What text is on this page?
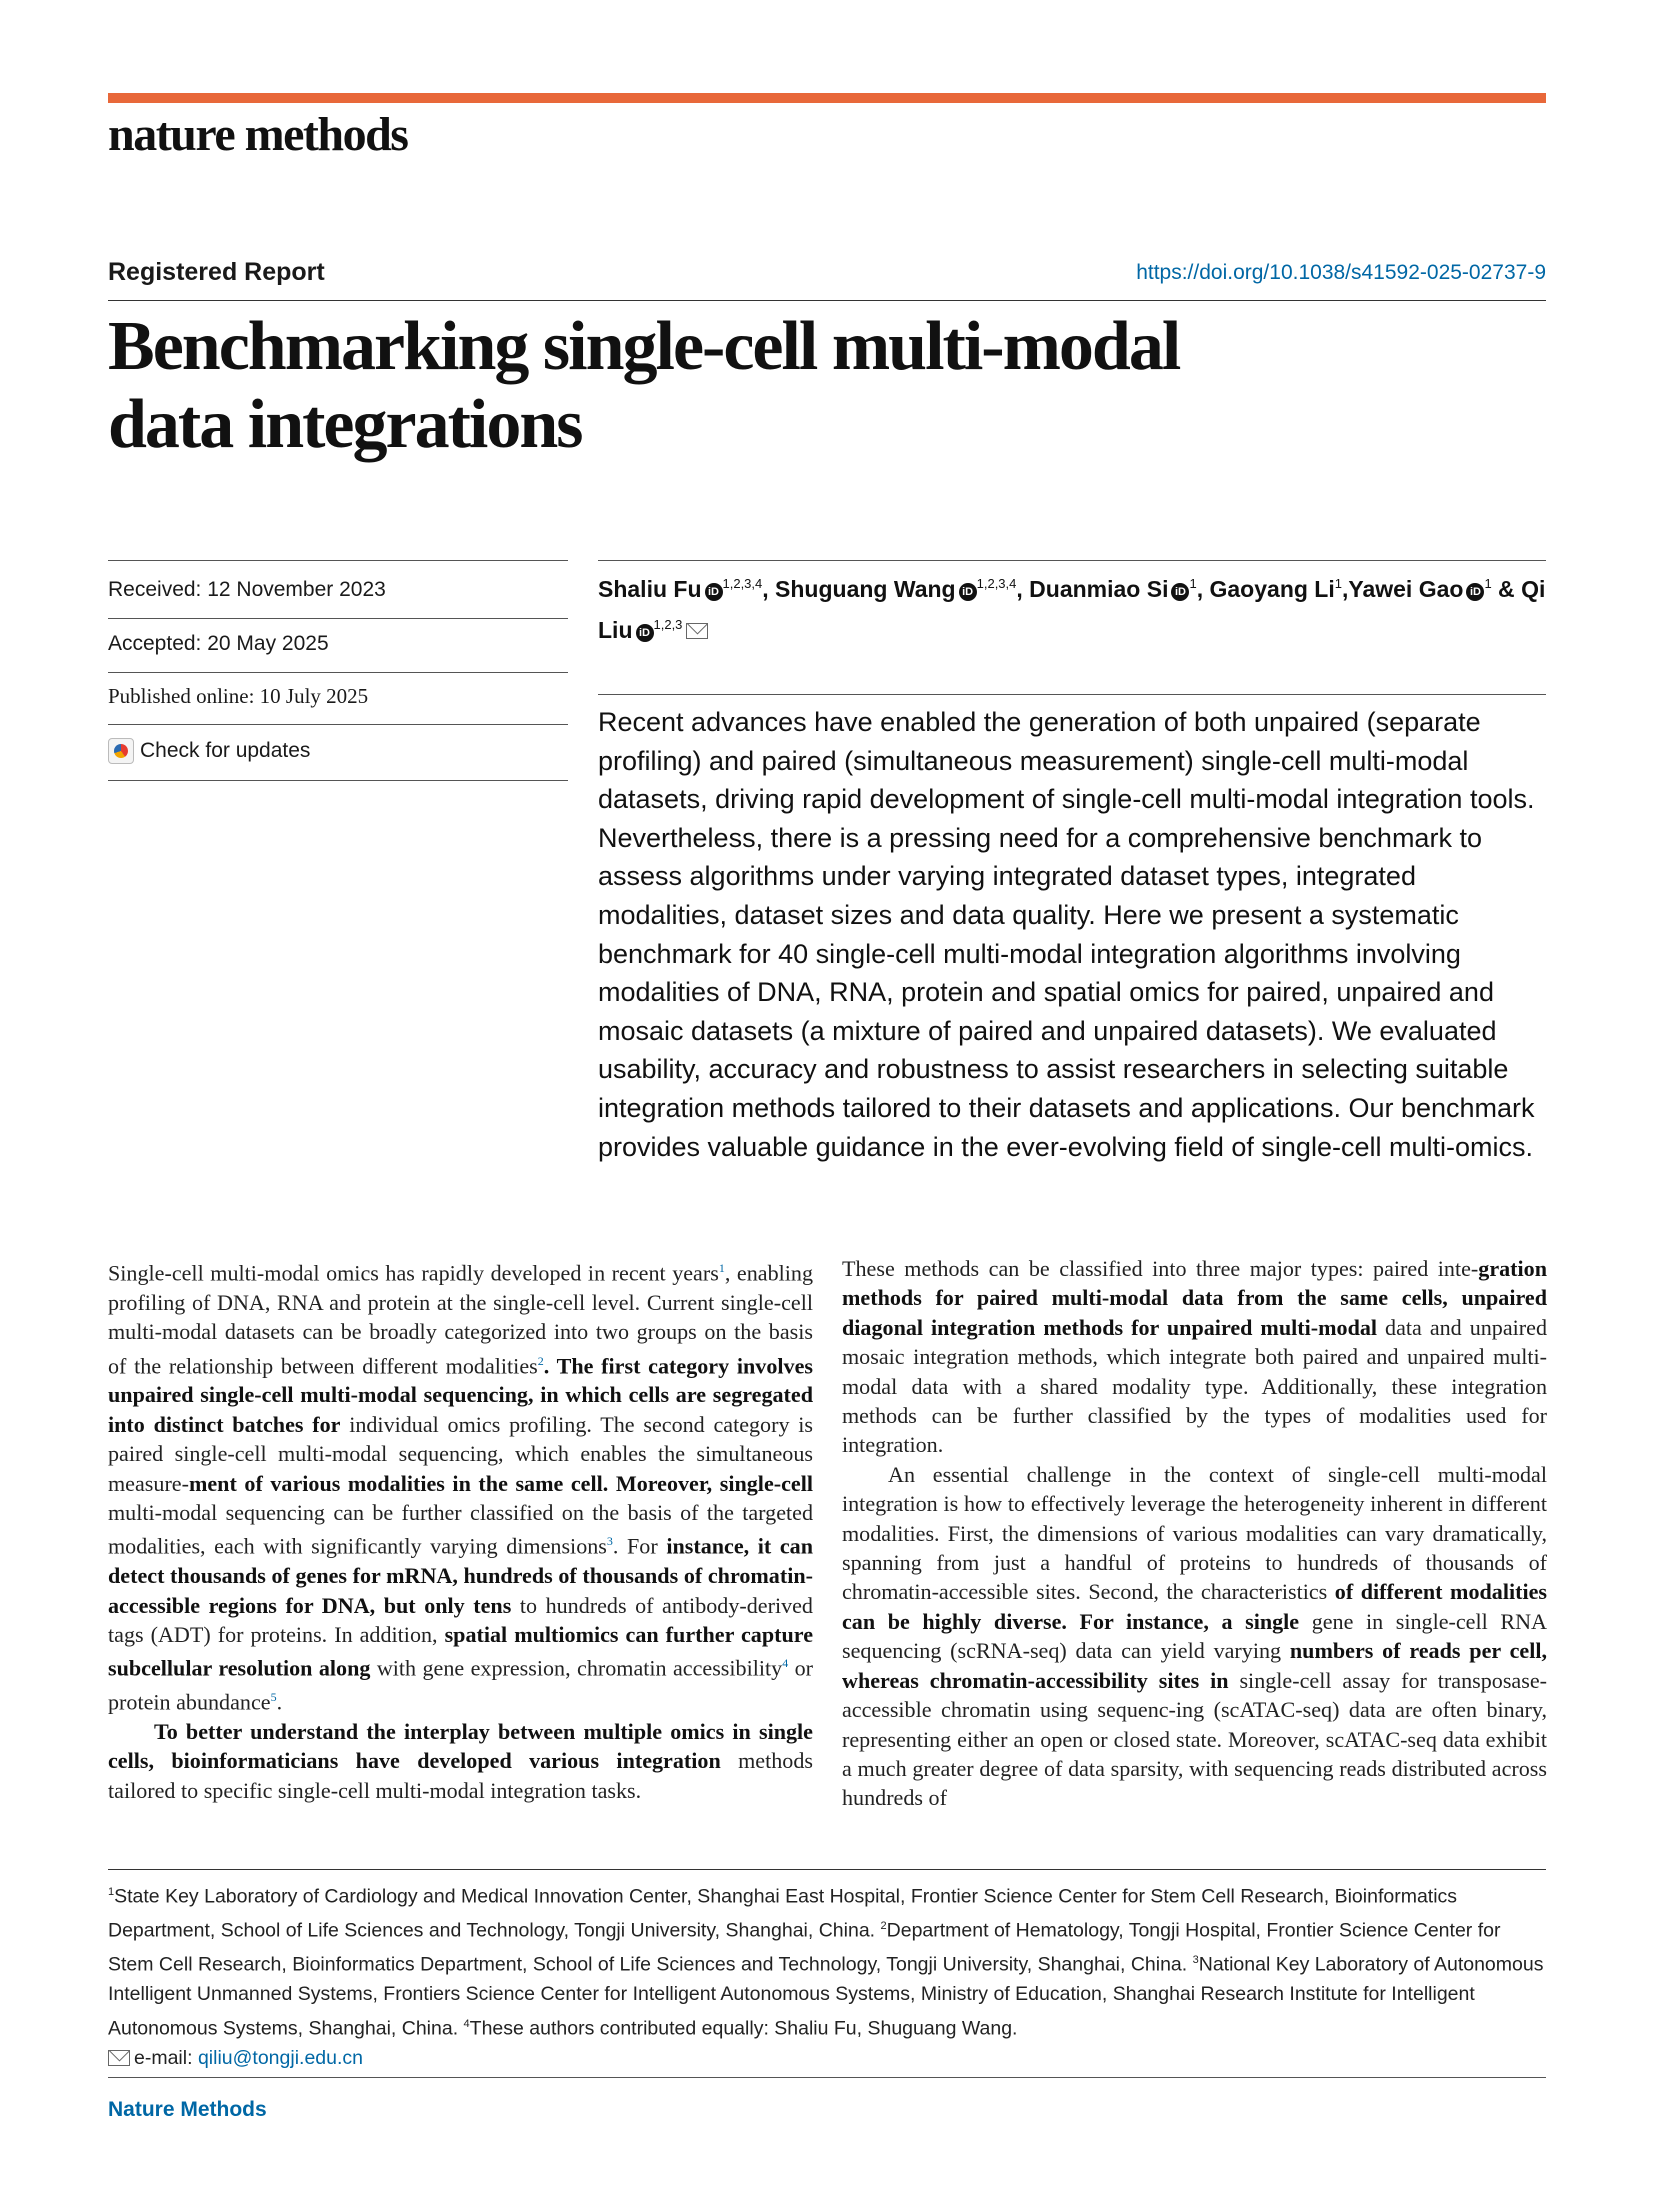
nature methods
Registered Report	https://doi.org/10.1038/s41592-025-02737-9
Benchmarking single-cell multi-modal
data integrations
Received: 12 November 2023
Accepted: 20 May 2025
Published online: 10 July 2025
Check for updates
Shaliu Fu iD$^{1,2,3,4}$, Shuguang Wang iD$^{1,2,3,4}$, Duanmiao Si $iD^1$, Gaoyang Li$^1$,Yawei Gao $iD^1$ & Qi Liu iD$^{1,2,3}$

Recent advances have enabled the generation of both unpaired (separate profiling) and paired (simultaneous measurement) single-cell multi-modal datasets, driving rapid development of single-cell multi-modal integration tools. Nevertheless, there is a pressing need for a comprehensive benchmark to assess algorithms under varying integrated dataset types, integrated modalities, dataset sizes and data quality. Here we present a systematic benchmark for 40 single-cell multi-modal integration algorithms involving modalities of DNA, RNA, protein and spatial omics for paired, unpaired and mosaic datasets (a mixture of paired and unpaired datasets). We evaluated usability, accuracy and robustness to assist researchers in selecting suitable integration methods tailored to their datasets and applications. Our benchmark provides valuable guidance in the ever-evolving field of single-cell multi-omics.

Single-cell multi-modal omics has rapidly developed in recent years$^1$, enabling profiling of DNA, RNA and protein at the single-cell level. Current single-cell multi-modal datasets can be broadly categorized into two groups on the basis of the relationship between different modalities$^2$. The first category involves unpaired single-cell multi-modal sequencing, in which cells are segregated into distinct batches for individual omics profiling. The second category is paired single-cell multi-modal sequencing, which enables the simultaneous measure-ment of various modalities in the same cell. Moreover, single-cell multi-modal sequencing can be further classified on the basis of the targeted modalities, each with significantly varying dimensions$^3$. For instance, it can detect thousands of genes for mRNA, hundreds of thousands of chromatin-accessible regions for DNA, but only tens to hundreds of antibody-derived tags (ADT) for proteins. In addition, spatial multiomics can further capture subcellular resolution along with gene expression, chromatin accessibility$^4$ or protein abundance$^5$.

To better understand the interplay between multiple omics in single cells, bioinformaticians have developed various integration methods tailored to specific single-cell multi-modal integration tasks.

These methods can be classified into three major types: paired inte-gration methods for paired multi-modal data from the same cells, unpaired diagonal integration methods for unpaired multi-modal data and unpaired mosaic integration methods, which integrate both paired and unpaired multi-modal data with a shared modality type. Additionally, these integration methods can be further classified by the types of modalities used for integration.

An essential challenge in the context of single-cell multi-modal integration is how to effectively leverage the heterogeneity inherent in different modalities. First, the dimensions of various modalities can vary dramatically, spanning from just a handful of proteins to hundreds of thousands of chromatin-accessible sites. Second, the characteristics of different modalities can be highly diverse. For instance, a single gene in single-cell RNA sequencing (scRNA-seq) data can yield varying numbers of reads per cell, whereas chromatin-accessibility sites in single-cell assay for transposase-accessible chromatin using sequenc-ing (scATAC-seq) data are often binary, representing either an open or closed state. Moreover, scATAC-seq data exhibit a much greater degree of data sparsity, with sequencing reads distributed across hundreds of

$^1$State Key Laboratory of Cardiology and Medical Innovation Center, Shanghai East Hospital, Frontier Science Center for Stem Cell Research, Bioinformatics Department, School of Life Sciences and Technology, Tongji University, Shanghai, China. $^2$Department of Hematology, Tongji Hospital, Frontier Science Center for Stem Cell Research, Bioinformatics Department, School of Life Sciences and Technology, Tongji University, Shanghai, China. $^3$National Key Laboratory of Autonomous Intelligent Unmanned Systems, Frontiers Science Center for Intelligent Autonomous Systems, Ministry of Education, Shanghai Research Institute for Intelligent Autonomous Systems, Shanghai, China. $^4$These authors contributed equally: Shaliu Fu, Shuguang Wang.
e-mail:
qiliu@tongji.edu.cn
Nature Methods
